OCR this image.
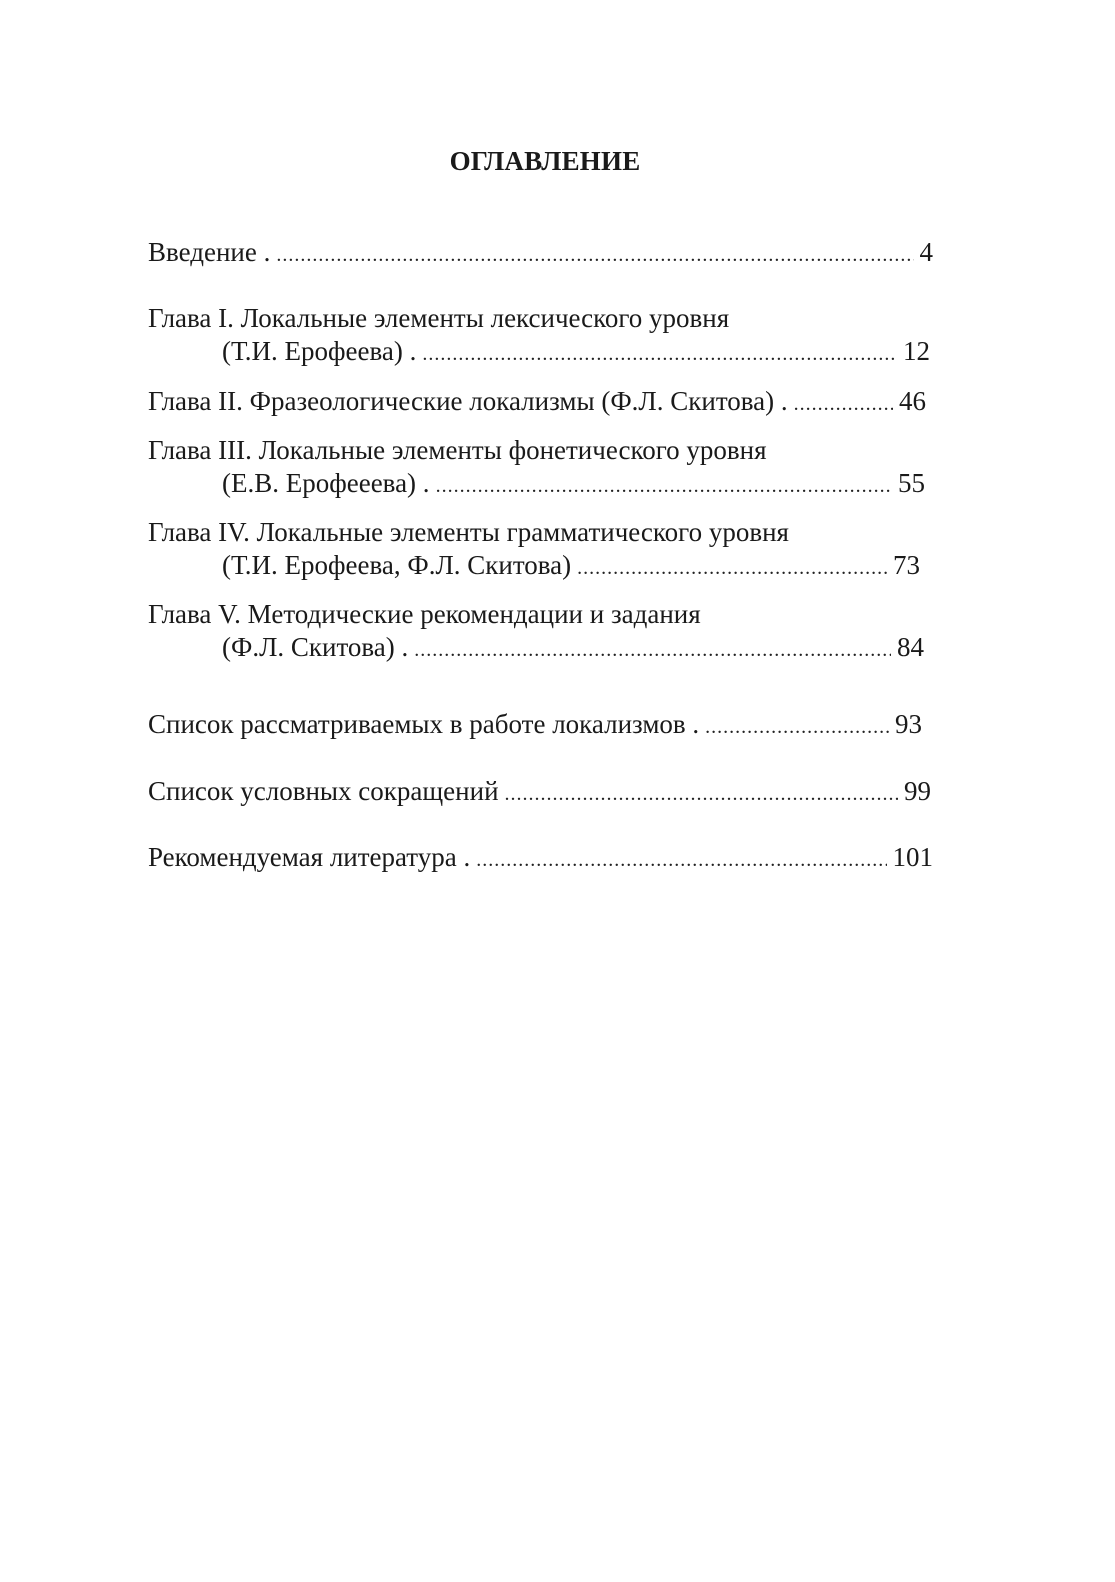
ОГЛАВЛЕНИЕ
Введение . .....	4
Глава I. Локальные элементы лексического уровня
(Т.И. Ерофеева) . .....	12
Глава II. Фразеологические локализмы (Ф.Л. Скитова) . .....	46
Глава III. Локальные элементы фонетического уровня
(Е.В. Ерофееева) . .....	55
Глава IV. Локальные элементы грамматического уровня
(Т.И. Ерофеева, Ф.Л. Скитова) .....	73
Глава V. Методические рекомендации и задания
(Ф.Л. Скитова) . .....	84
Список рассматриваемых в работе локализмов . .....	93
Список условных сокращений .....	99
Рекомендуемая литература . .....	101
